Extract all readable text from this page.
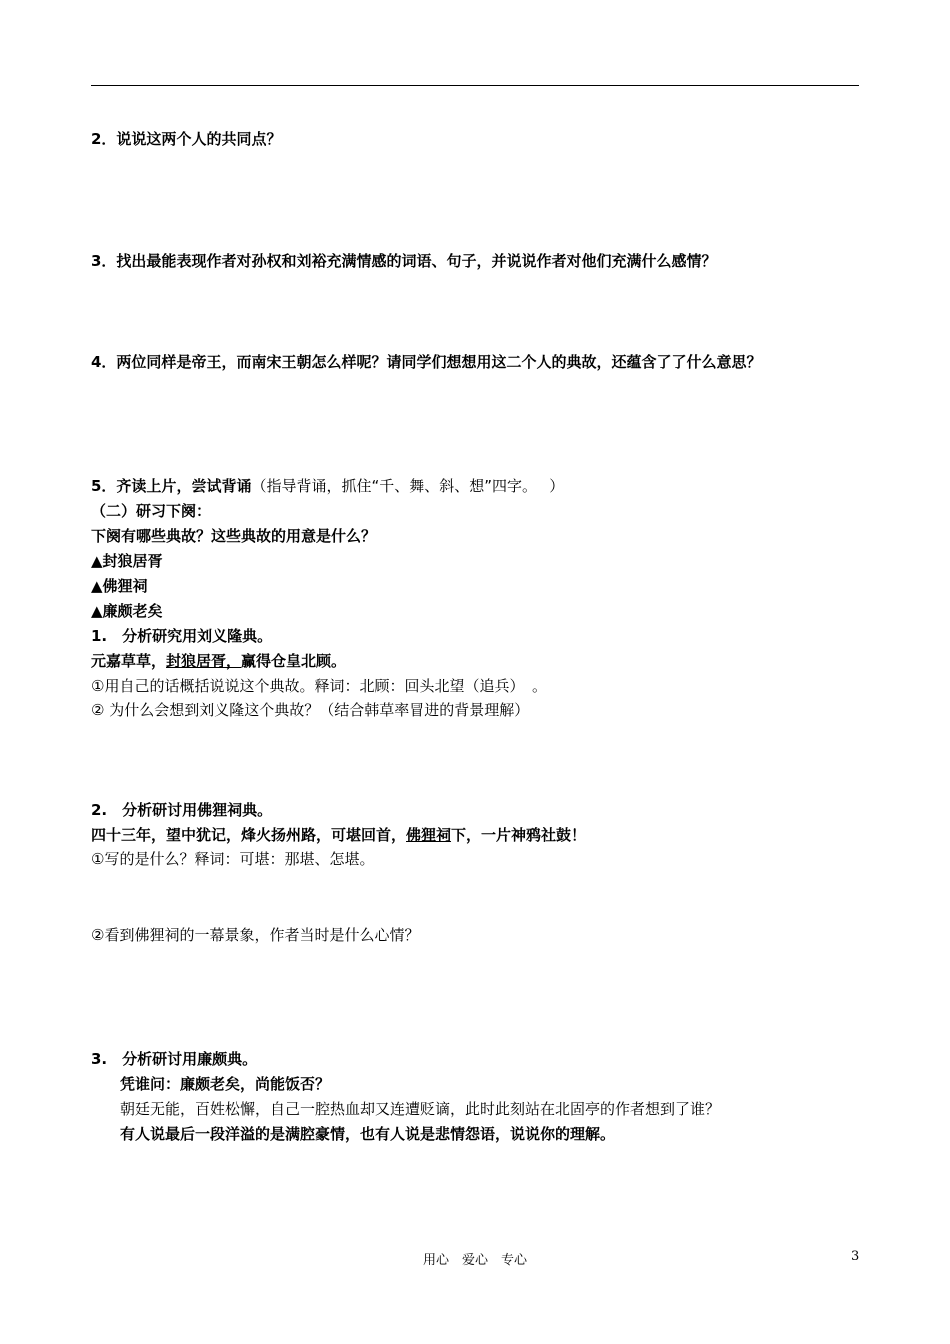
2．说说这两个人的共同点？
3．找出最能表现作者对孙权和刘裕充满情感的词语、句子，并说说作者对他们充满什么感情？
4．两位同样是帝王，而南宋王朝怎么样呢？请同学们想想用这二个人的典故，还蕴含了了什么意思？
5．齐读上片，尝试背诵（指导背诵，抓住“千、舞、斜、想”四字。　 ）
（二）研习下阕：
下阕有哪些典故？这些典故的用意是什么？
▲封狼居胥
▲佛狸祠
▲廉颇老矣
1.　分析研究用刘义隆典。
元嘉草草，封狼居胥，赢得仓皇北顾。
①用自己的话概括说说这个典故。释词：北顾：回头北望（追兵）　。
② 为什么会想到刘义隆这个典故？（结合韩草率冒进的背景理解）
2.　分析研讨用佛狸祠典。
四十三年，望中犹记，烽火扬州路，可堪回首，佛狸祠下，一片神鸦社鼓！
①写的是什么？释词：可堪：那堪、怎堪。
②看到佛狸祠的一幕景象，作者当时是什么心情？
3.　分析研讨用廉颇典。
凭谁问：廉颇老矣，尚能饭否？
朝廷无能，百姓松懈，自己一腔热血却又连遭贬谪，此时此刻站在北固亭的作者想到了谁？
有人说最后一段洋溢的是满腔豪情，也有人说是悲情怨语，说说你的理解。
用心　爱心　专心	3
